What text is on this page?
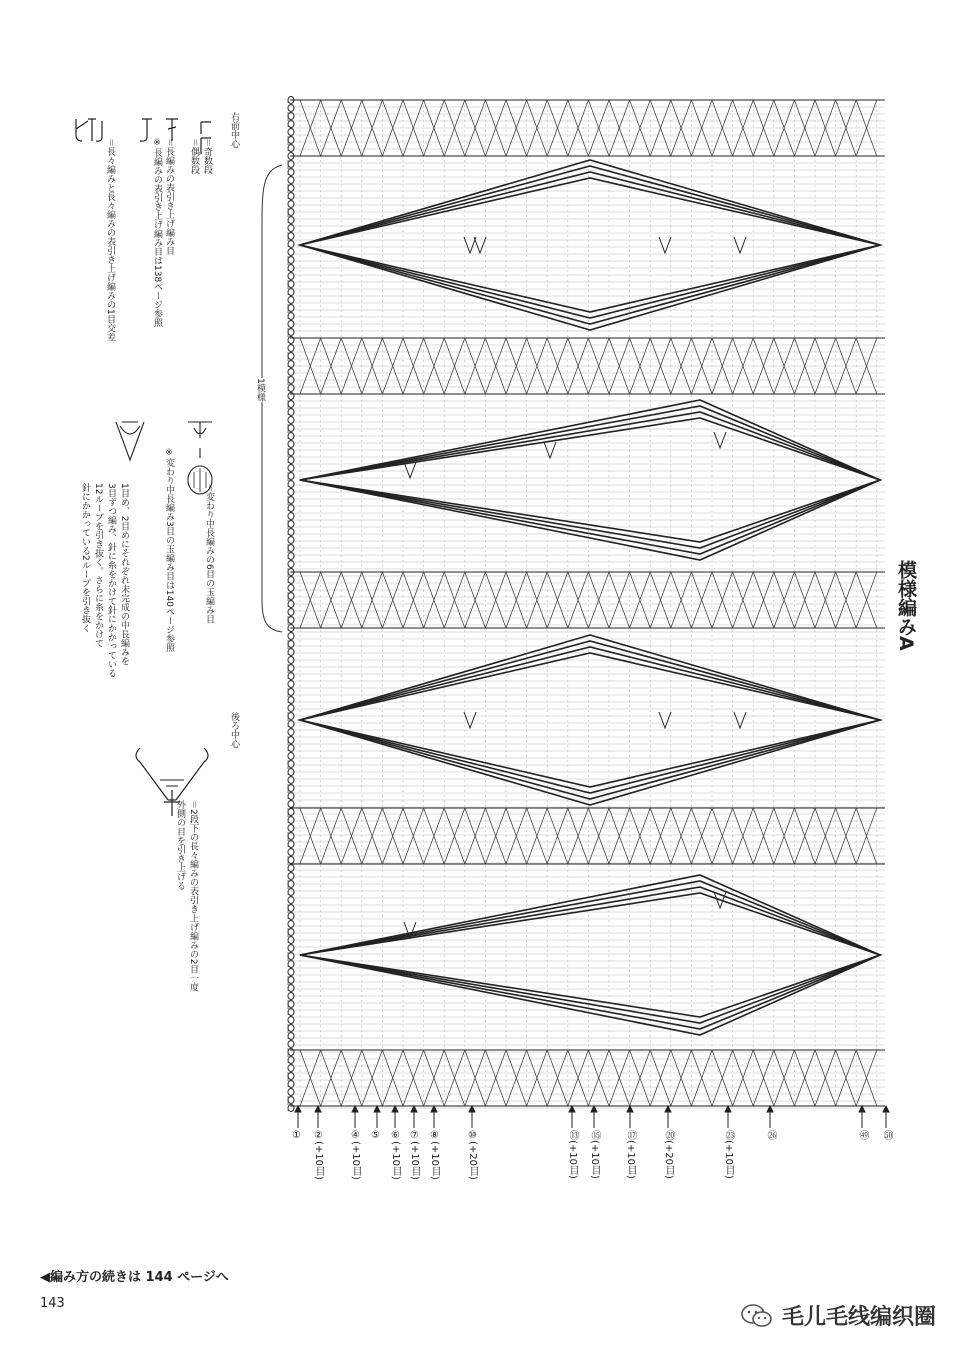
模様編みA
右前中心
後ろ中心
1模様
＝奇数段
＝偶数段
＝長編みの表引き上げ編み目
※長編みの表引き上げ編み目は138ページ参照
＝長々編みと長々編みの表引き上げ編みの1目交差
＝変わり中長編みの6目の玉編み目
※変わり中長編み3目の玉編み目は140ページ参照
1目め、2目めにそれぞれ未完成の中長編みを
3目ずつ編み、針に糸をかけて針にかかっている
12ループを引き抜く。さらに糸をかけて
針にかかっている2ループを引き抜く
＝2段下の長々編みの表引き上げ編みの2目一度
外側の目を引き上げる
① ②(+10目)
④(+10目)
⑤ ⑥(+10目)
⑦(+10目)
⑧(+10目)
⑩(+20目)
⑬(+10目)
⑮(+10目)
⑰(+10目)
⑳(+20目)
㉓(+10目)
㉖	㊾ ㊿
◀編み方の続きは 144 ページへ
143
毛儿毛线编织圈
